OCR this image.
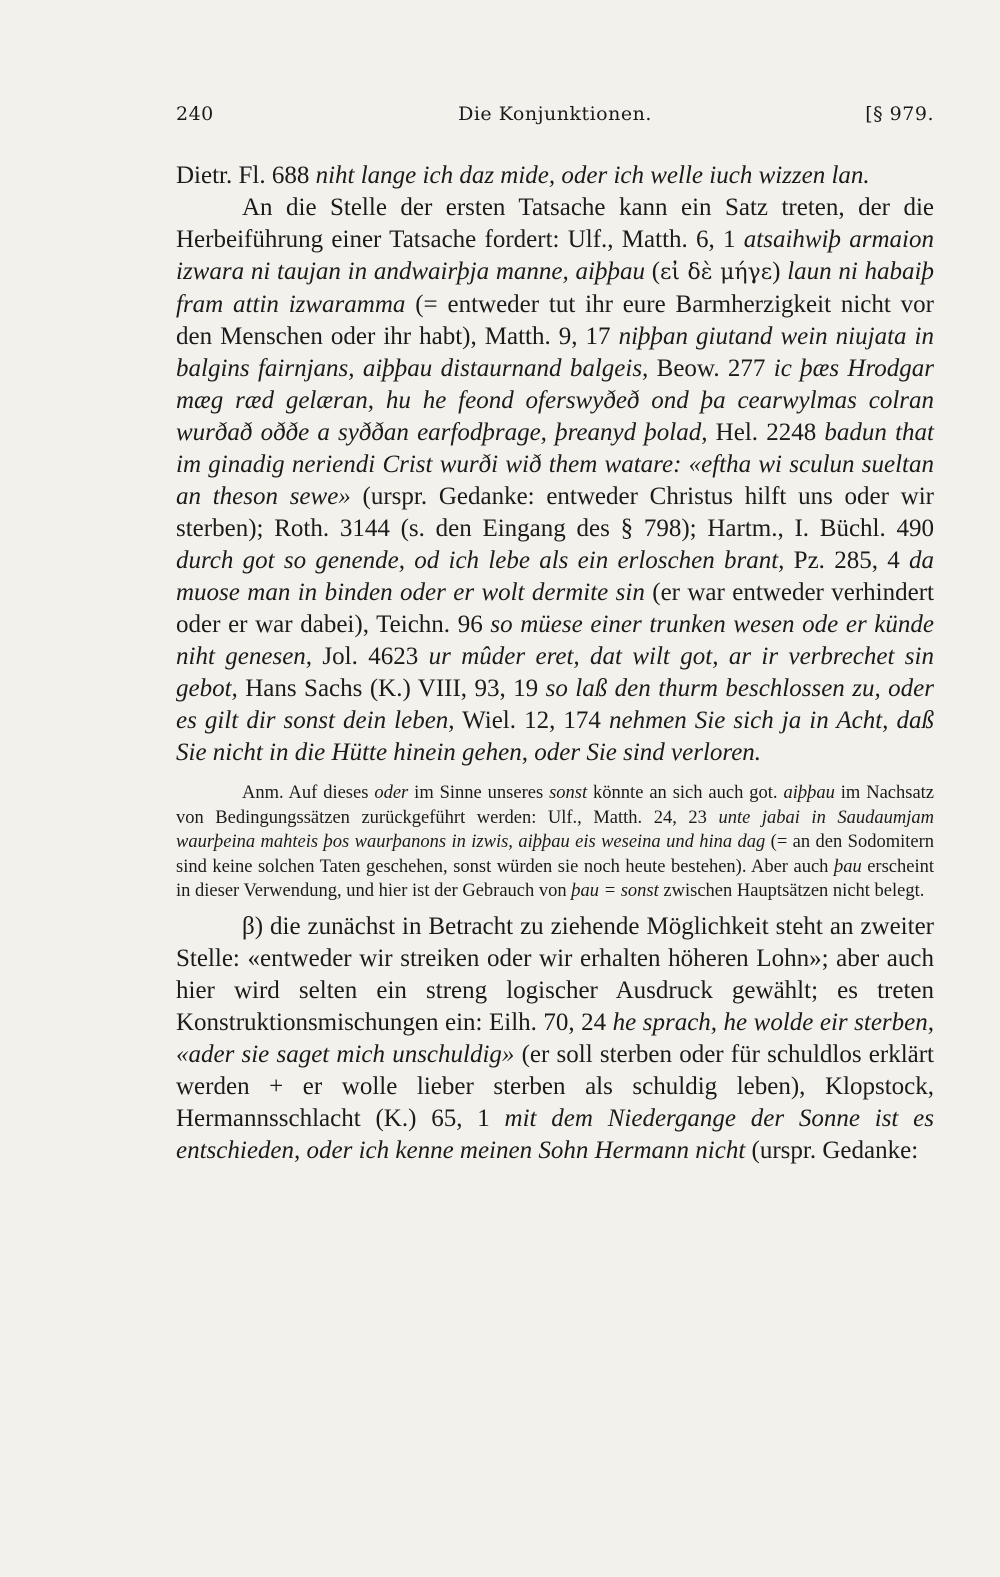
240	Die Konjunktionen.	[§ 979.

Dietr. Fl. 688 niht lange ich daz mide, oder ich welle iuch wizzen lan.

An die Stelle der ersten Tatsache kann ein Satz treten, der die Herbeiführung einer Tatsache fordert: Ulf., Matth. 6, 1 atsaihwiþ armaion izwara ni taujan in andwairþja manne, aiþþau (εἰ δὲ μήγε) laun ni habaiþ fram attin izwaramma (= entweder tut ihr eure Barmherzigkeit nicht vor den Menschen oder ihr habt), Matth. 9, 17 niþþan giutand wein niujata in balgins fairnjans, aiþþau distaurnand balgeis, Beow. 277 ic þæs Hrodgar mæg ræd gelæran, hu he feond oferswyðeð ond þa cearwylmas colran wurðað oððe a syððan earfodþrage, þreanyd þolad, Hel. 2248 badun that im ginadig neriendi Crist wurði wið them watare: «eftha wi sculun sueltan an theson sewe» (urspr. Gedanke: entweder Christus hilft uns oder wir sterben); Roth. 3144 (s. den Eingang des § 798); Hartm., I. Büchl. 490 durch got so genende, od ich lebe als ein erloschen brant, Pz. 285, 4 da muose man in binden oder er wolt dermite sin (er war entweder verhindert oder er war dabei), Teichn. 96 so müese einer trunken wesen ode er künde niht genesen, Jol. 4623 ur mûder eret, dat wilt got, ar ir verbrechet sin gebot, Hans Sachs (K.) VIII, 93, 19 so laß den thurm beschlossen zu, oder es gilt dir sonst dein leben, Wiel. 12, 174 nehmen Sie sich ja in Acht, daß Sie nicht in die Hütte hinein gehen, oder Sie sind verloren.

Anm. Auf dieses oder im Sinne unseres sonst könnte an sich auch got. aiþþau im Nachsatz von Bedingungssätzen zurückgeführt werden: Ulf., Matth. 24, 23 unte jabai in Saudaumjam waurþeina mahteis þos waurþanons in izwis, aiþþau eis weseina und hina dag (= an den Sodomitern sind keine solchen Taten geschehen, sonst würden sie noch heute bestehen). Aber auch þau erscheint in dieser Verwendung, und hier ist der Gebrauch von þau = sonst zwischen Hauptsätzen nicht belegt.

β) die zunächst in Betracht zu ziehende Möglichkeit steht an zweiter Stelle: «entweder wir streiken oder wir erhalten höheren Lohn»; aber auch hier wird selten ein streng logischer Ausdruck gewählt; es treten Konstruktionsmischungen ein: Eilh. 70, 24 he sprach, he wolde eir sterben, «ader sie saget mich unschuldig» (er soll sterben oder für schuldlos erklärt werden + er wolle lieber sterben als schuldig leben), Klopstock, Hermannsschlacht (K.) 65, 1 mit dem Niedergange der Sonne ist es entschieden, oder ich kenne meinen Sohn Hermann nicht (urspr. Gedanke:
